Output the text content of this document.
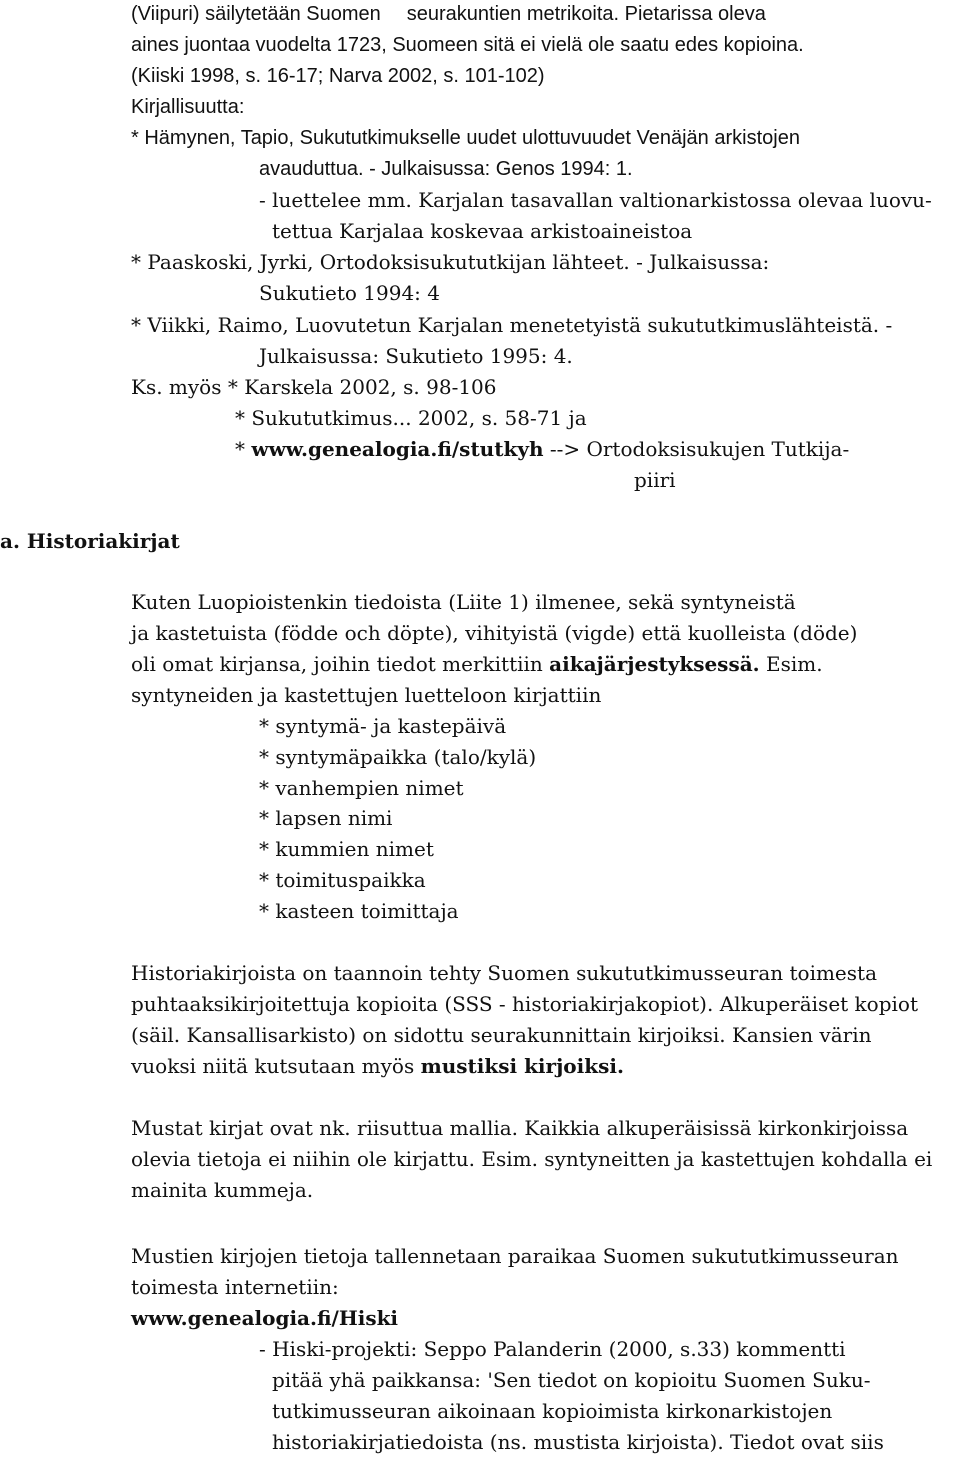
(Viipuri) säilytetään Suomen seurakuntien metrikoita. Pietarissa oleva
aines juontaa vuodelta 1723, Suomeen sitä ei vielä ole saatu edes kopioina.
(Kiiski 1998, s. 16-17; Narva 2002, s. 101-102)
Kirjallisuutta:
* Hämynen, Tapio, Sukututkimukselle uudet ulottuvuudet Venäjän arkistojen
avauduttua. - Julkaisussa: Genos 1994: 1.
- luettelee mm. Karjalan tasavallan valtionarkistossa olevaa luovu-
tettua Karjalaa koskevaa arkistoaineistoa
* Paaskoski, Jyrki, Ortodoksisukututkijan lähteet. - Julkaisussa:
Sukutieto 1994: 4
* Viikki, Raimo, Luovutetun Karjalan menetetyistä sukututkimuslähteistä. -
Julkaisussa: Sukutieto 1995: 4.
Ks. myös * Karskela 2002, s. 98-106
* Sukututkimus... 2002, s. 58-71 ja
* www.genealogia.fi/stutkyh --> Ortodoksisukujen Tutkija-
piiri
a. Historiakirjat
Kuten Luopioistenkin tiedoista (Liite 1) ilmenee, sekä syntyneistä
ja kastetuista (födde och döpte), vihityistä (vigde) että kuolleista (döde)
oli omat kirjansa, joihin tiedot merkittiin aikajärjestyksessä. Esim.
syntyneiden ja kastettujen luetteloon kirjattiin
* syntymä- ja kastepäivä
* syntymäpaikka (talo/kylä)
* vanhempien nimet
* lapsen nimi
* kummien nimet
* toimituspaikka
* kasteen toimittaja
Historiakirjoista on taannoin tehty Suomen sukututkimusseuran toimesta
puhtaaksikirjoitettuja kopioita (SSS - historiakirjakopiot). Alkuperäiset kopiot
(säil. Kansallisarkisto) on sidottu seurakunnittain kirjoiksi. Kansien värin
vuoksi niitä kutsutaan myös mustiksi kirjoiksi.
Mustat kirjat ovat nk. riisuttua mallia. Kaikkia alkuperäisissä kirkonkirjoissa
olevia tietoja ei niihin ole kirjattu. Esim. syntyneitten ja kastettujen kohdalla ei
mainita kummeja.
Mustien kirjojen tietoja tallennetaan paraikaa Suomen sukututkimusseuran
toimesta internetiin:
www.genealogia.fi/Hiski
- Hiski-projekti: Seppo Palanderin (2000, s.33) kommentti
pitää yhä paikkansa: 'Sen tiedot on kopioitu Suomen Suku-
tutkimusseuran aikoinaan kopioimista kirkonarkistojen
historiakirjatiedoista (ns. mustista kirjoista). Tiedot ovat siis
